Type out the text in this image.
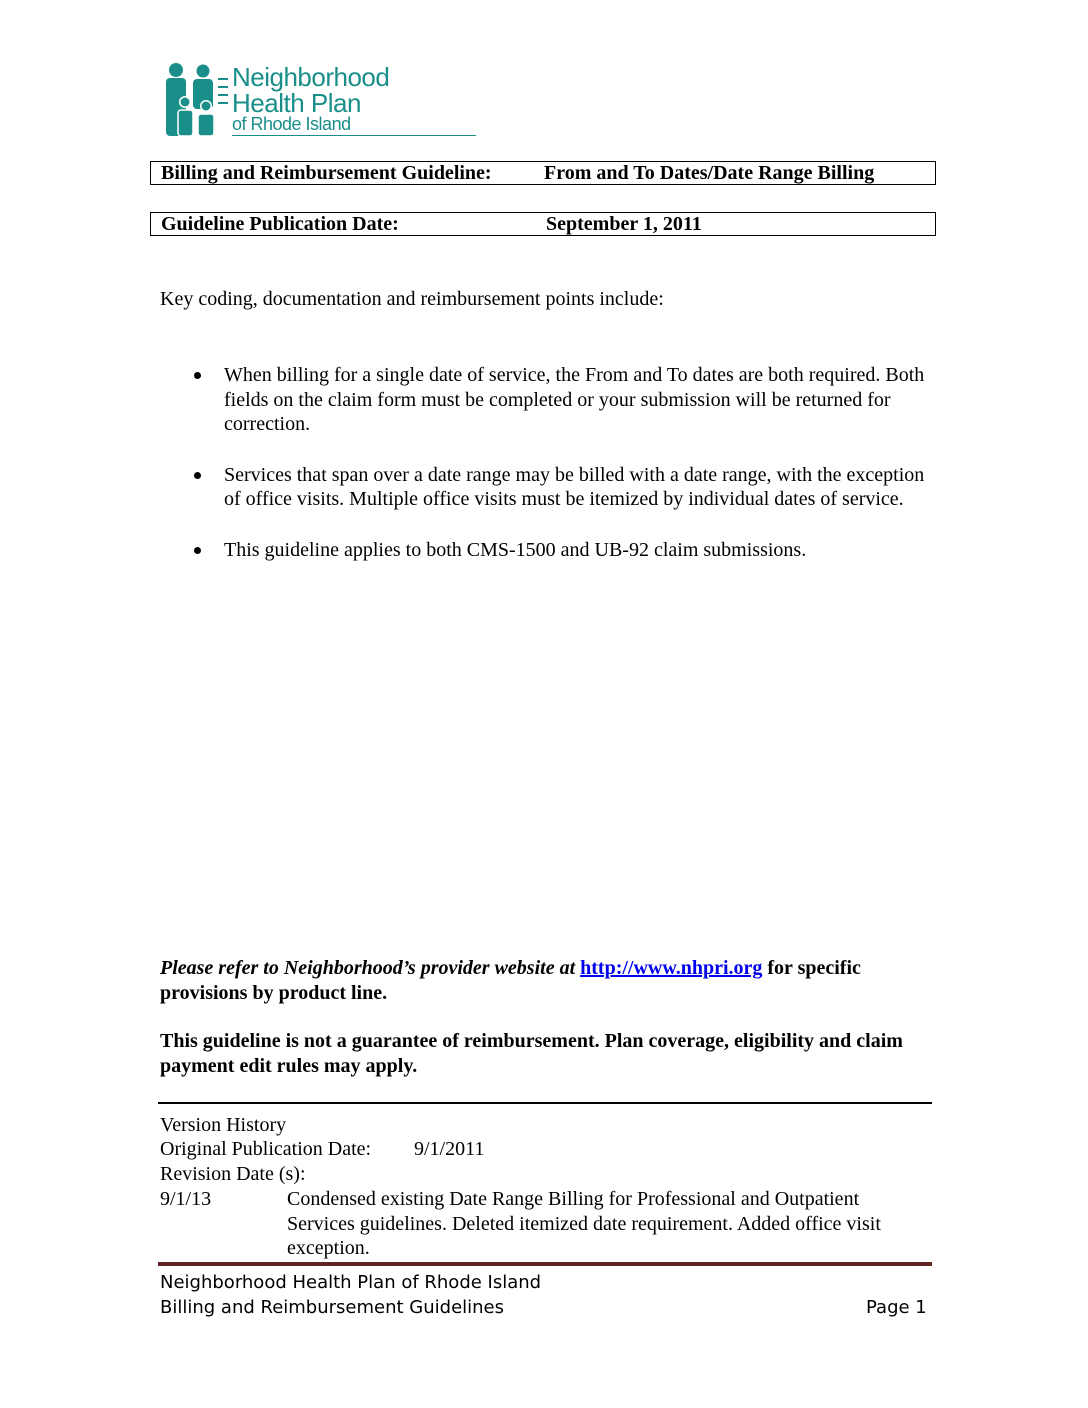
Neighborhood
Health Plan
of Rhode Island
Billing and Reimbursement Guideline:	From and To Dates/Date Range Billing
Guideline Publication Date:	September 1, 2011
Key coding, documentation and reimbursement points include:
When billing for a single date of service, the From and To dates are both required. Both fields on the claim form must be completed or your submission will be returned for correction.
Services that span over a date range may be billed with a date range, with the exception of office visits. Multiple office visits must be itemized by individual dates of service.
This guideline applies to both CMS-1500 and UB-92 claim submissions.
Please refer to Neighborhood’s provider website at http://www.nhpri.org for specific provisions by product line.
This guideline is not a guarantee of reimbursement. Plan coverage, eligibility and claim payment edit rules may apply.
Version History
Original Publication Date: 9/1/2011
Revision Date (s):
9/1/13	Condensed existing Date Range Billing for Professional and Outpatient Services guidelines. Deleted itemized date requirement. Added office visit exception.
Neighborhood Health Plan of Rhode Island
Billing and Reimbursement Guidelines	Page 1
